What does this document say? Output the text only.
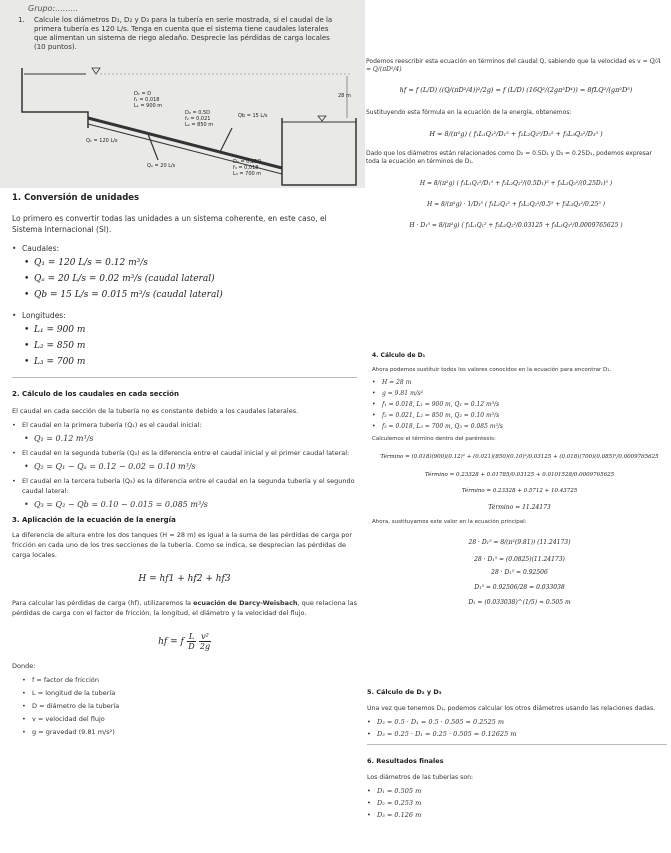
Grupo:.........
1. Calcule los diámetros D₁, D₂ y D₃ para la tubería en serie mostrada, si el caudal de la primera tubería es 120 L/s. Tenga en cuenta que el sistema tiene caudales laterales que alimentan un sistema de riego aledaño. Desprecie las pérdidas de carga locales (10 puntos).
28 m
D₁ = D
f₁ = 0,018
L₁ = 900 m
D₂ = 0,5D
f₂ = 0,021
L₂ = 850 m
D₃ = 0,25D
f₃ = 0,018
L₃ = 700 m
Q₁ = 120 L/s
Qₐ = 20 L/s
Qb = 15 L/s
1. Conversión de unidades
Lo primero es convertir todas las unidades a un sistema coherente, en este caso, el Sistema Internacional (SI).
• Caudales:
• Q₁ = 120 L/s = 0.12 m³/s
• Qₐ = 20 L/s = 0.02 m³/s (caudal lateral)
• Qb = 15 L/s = 0.015 m³/s (caudal lateral)
• Longitudes:
• L₁ = 900 m
• L₂ = 850 m
• L₃ = 700 m
2. Cálculo de los caudales en cada sección
El caudal en cada sección de la tubería no es constante debido a los caudales laterales.
• El caudal en la primera tubería (Q₁) es el caudal inicial:
• Q₁ = 0.12 m³/s
• El caudal en la segunda tubería (Q₂) es la diferencia entre el caudal inicial y el primer caudal lateral:
• Q₂ = Q₁ − Qₐ = 0.12 − 0.02 = 0.10 m³/s
• El caudal en la tercera tubería (Q₃) es la diferencia entre el caudal en la segunda tubería y el segundo caudal lateral:
• Q₃ = Q₂ − Qb = 0.10 − 0.015 = 0.085 m³/s
3. Aplicación de la ecuación de la energía
La diferencia de altura entre los dos tanques (H = 28 m) es igual a la suma de las pérdidas de carga por fricción en cada uno de los tres secciones de la tubería. Como se indica, se desprecian las pérdidas de carga locales.
H = hf1 + hf2 + hf3
Para calcular las pérdidas de carga (hf), utilizaremos la ecuación de Darcy-Weisbach, que relaciona las pérdidas de carga con el factor de fricción, la longitud, el diámetro y la velocidad del flujo.
hf = f $\frac{L}{D} \frac{\text{v²}}{2g}$
Donde:
• f = factor de fricción
• L = longitud de la tubería
• D = diámetro de la tubería
• v = velocidad del flujo
• g = gravedad (9.81 m/s²)
Podemos reescribir esta ecuación en términos del caudal Q, sabiendo que la velocidad es v = Q/A = Q/(πD²/4)
hf = f (L/D) ((Q/(πD²/4))²/2g) = f (L/D) (16Q²/(2gπ²D⁴)) = 8fLQ²/(gπ²D⁵)
Sustituyendo esta fórmula en la ecuación de la energía, obtenemos:
H = 8/(π²g) ( f₁L₁Q₁²/D₁⁵ + f₂L₂Q₂²/D₂⁵ + f₃L₃Q₃²/D₃⁵ )
Dado que los diámetros están relacionados como D₂ = 0.5D₁ y D₃ = 0.25D₁, podemos expresar toda la ecuación en términos de D₁.
H = 8/(π²g) ( f₁L₁Q₁²/D₁⁵ + f₂L₂Q₂²/(0.5D₁)⁵ + f₃L₃Q₃²/(0.25D₁)⁵ )
H = 8/(π²g) · 1/D₁⁵ ( f₁L₁Q₁² + f₂L₂Q₂²/0.5⁵ + f₃L₃Q₃²/0.25⁵ )
H · D₁⁵ = 8/(π²g) ( f₁L₁Q₁² + f₂L₂Q₂²/0.03125 + f₃L₃Q₃²/0.0009765625 )
4. Cálculo de D₁
Ahora podemos sustituir todos los valores conocidos en la ecuación para encontrar D₁.
• H = 28 m
• g = 9.81 m/s²
• f₁ = 0.018, L₁ = 900 m, Q₁ = 0.12 m³/s
• f₂ = 0.021, L₂ = 850 m, Q₂ = 0.10 m³/s
• f₃ = 0.018, L₃ = 700 m, Q₃ = 0.085 m³/s
Calculemos el término dentro del paréntesis:
Término = (0.018)(900)(0.12)² + (0.021)(850)(0.10)²/0.03125 + (0.018)(700)(0.085)²/0.0009765625
Término = 0.23328 + 0.01785/0.03125 + 0.0101528/0.0009765625
Término = 0.23328 + 0.5712 + 10.43725
Término = 11.24173
Ahora, sustituyamos este valor en la ecuación principal:
28 · D₁⁵ = 8/(π²(9.81)) (11.24173)
28 · D₁⁵ = (0.0825)(11.24173)
28 · D₁⁵ = 0.92506
D₁⁵ = 0.92506/28 = 0.033038
D₁ = (0.033038)^(1/5) ≈ 0.505 m
5. Cálculo de D₂ y D₃
Una vez que tenemos D₁, podemos calcular los otros diámetros usando las relaciones dadas.
• D₂ = 0.5 · D₁ = 0.5 · 0.505 = 0.2525 m
• D₃ = 0.25 · D₁ = 0.25 · 0.505 = 0.12625 m
6. Resultados finales
Los diámetros de las tuberías son:
• D₁ ≈ 0.505 m
• D₂ ≈ 0.253 m
• D₃ ≈ 0.126 m
